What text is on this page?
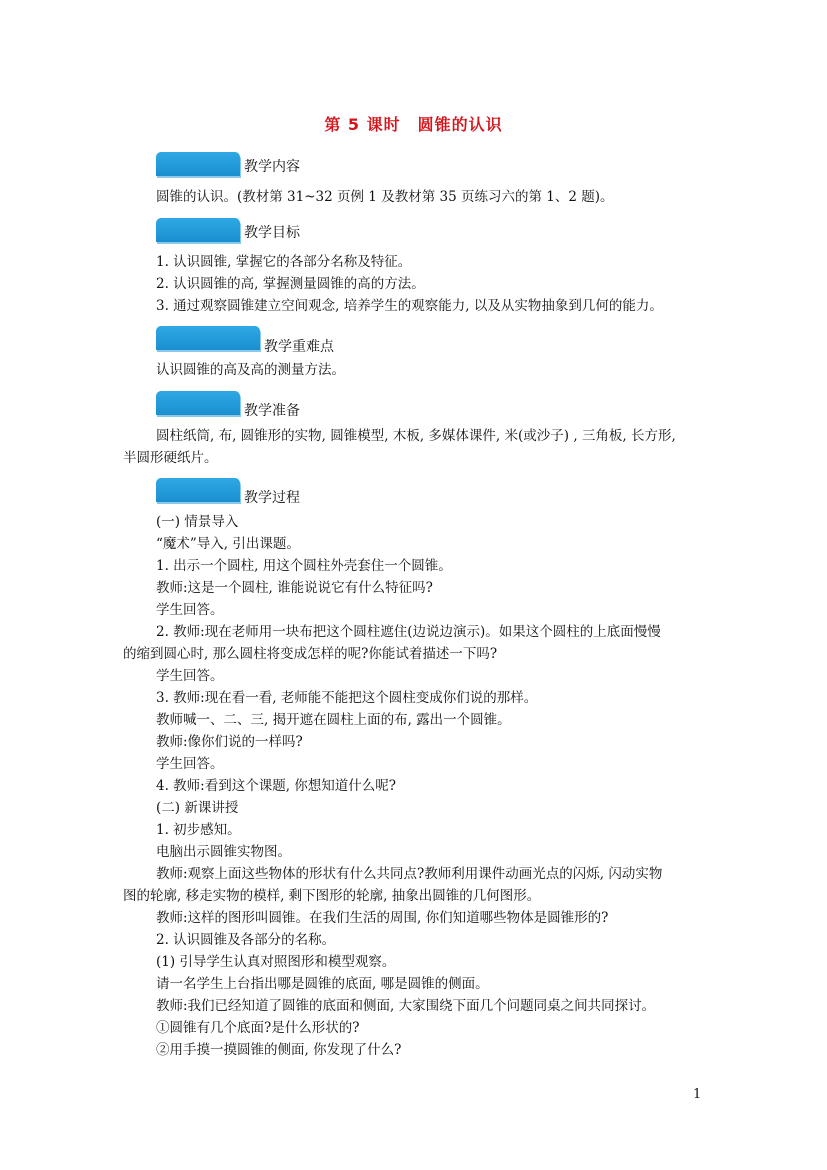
第 5 课时　圆锥的认识
教学内容
圆锥的认识。(教材第 31~32 页例 1 及教材第 35 页练习六的第 1、2 题)。
教学目标
1. 认识圆锥, 掌握它的各部分名称及特征。
2. 认识圆锥的高, 掌握测量圆锥的高的方法。
3. 通过观察圆锥建立空间观念, 培养学生的观察能力, 以及从实物抽象到几何的能力。
教学重难点
认识圆锥的高及高的测量方法。
教学准备
圆柱纸筒, 布, 圆锥形的实物, 圆锥模型, 木板, 多媒体课件, 米(或沙子) , 三角板, 长方形,
半圆形硬纸片。
教学过程
(一) 情景导入
“魔术”导入, 引出课题。
1. 出示一个圆柱, 用这个圆柱外壳套住一个圆锥。
教师:这是一个圆柱, 谁能说说它有什么特征吗?
学生回答。
2. 教师:现在老师用一块布把这个圆柱遮住(边说边演示)。如果这个圆柱的上底面慢慢
的缩到圆心时, 那么圆柱将变成怎样的呢?你能试着描述一下吗?
学生回答。
3. 教师:现在看一看, 老师能不能把这个圆柱变成你们说的那样。
教师喊一、二、三, 揭开遮在圆柱上面的布, 露出一个圆锥。
教师:像你们说的一样吗?
学生回答。
4. 教师:看到这个课题, 你想知道什么呢?
(二) 新课讲授
1. 初步感知。
电脑出示圆锥实物图。
教师:观察上面这些物体的形状有什么共同点?教师利用课件动画光点的闪烁, 闪动实物
图的轮廓, 移走实物的模样, 剩下图形的轮廓, 抽象出圆锥的几何图形。
教师:这样的图形叫圆锥。在我们生活的周围, 你们知道哪些物体是圆锥形的?
2. 认识圆锥及各部分的名称。
(1) 引导学生认真对照图形和模型观察。
请一名学生上台指出哪是圆锥的底面, 哪是圆锥的侧面。
教师:我们已经知道了圆锥的底面和侧面, 大家围绕下面几个问题同桌之间共同探讨。
①圆锥有几个底面?是什么形状的?
②用手摸一摸圆锥的侧面, 你发现了什么?
1
